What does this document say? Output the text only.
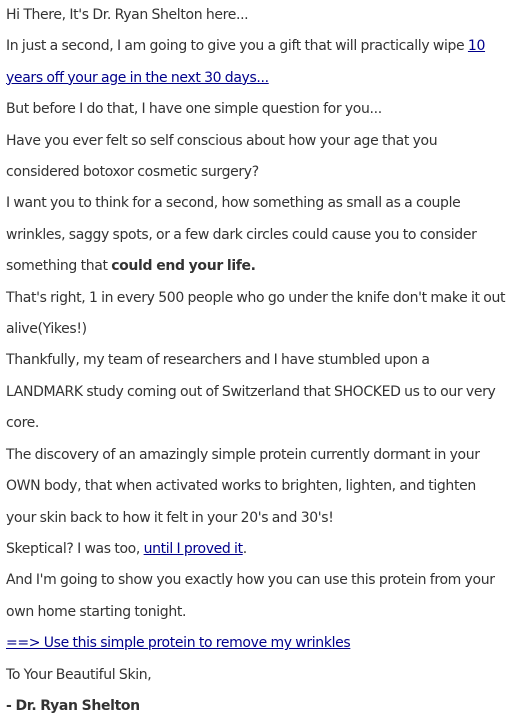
Hi There, It's Dr. Ryan Shelton here...

In just a second, I am going to give you a gift that will practically wipe 10 years off your age in the next 30 days...

But before I do that, I have one simple question for you...

Have you ever felt so self conscious about how your age that you considered botoxor cosmetic surgery?

I want you to think for a second, how something as small as a couple wrinkles, saggy spots, or a few dark circles could cause you to consider something that could end your life.

That's right, 1 in every 500 people who go under the knife don't make it out alive(Yikes!)

Thankfully, my team of researchers and I have stumbled upon a LANDMARK study coming out of Switzerland that SHOCKED us to our very core.

The discovery of an amazingly simple protein currently dormant in your OWN body, that when activated works to brighten, lighten, and tighten your skin back to how it felt in your 20's and 30's!

Skeptical? I was too, until I proved it.

And I'm going to show you exactly how you can use this protein from your own home starting tonight.

==> Use this simple protein to remove my wrinkles

To Your Beautiful Skin,

- Dr. Ryan Shelton
